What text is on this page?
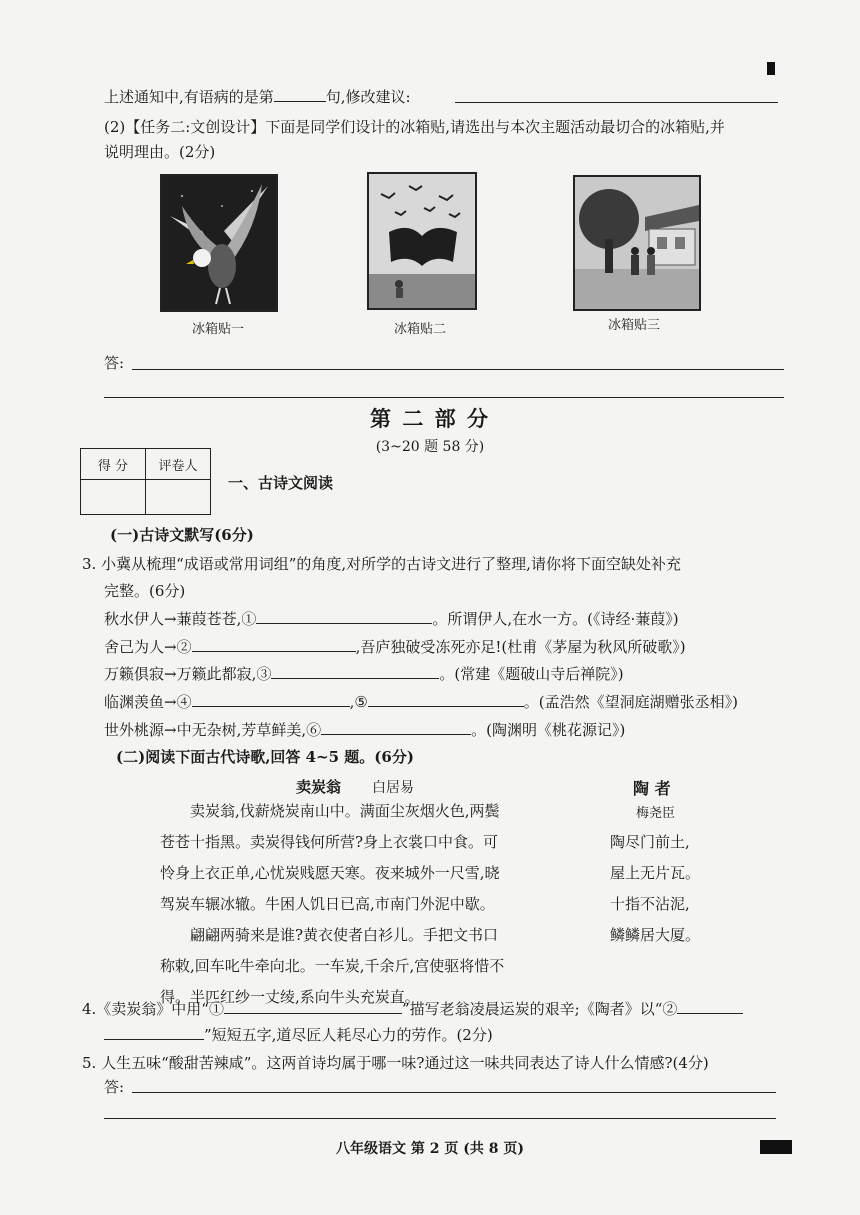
上述通知中,有语病的是第	句,修改建议:
(2)【任务二:文创设计】下面是同学们设计的冰箱贴,请选出与本次主题活动最切合的冰箱贴,并
说明理由。(2分)
冰箱贴一	冰箱贴二	冰箱贴三
答:
第 二 部 分
(3~20 题 58 分)
得 分	评卷人

一、古诗文阅读
(一)古诗文默写(6分)
3. 小冀从梳理“成语或常用词组”的角度,对所学的古诗文进行了整理,请你将下面空缺处补充
完整。(6分)
秋水伊人→蒹葭苍苍,①	。所谓伊人,在水一方。(《诗经·蒹葭》)
舍己为人→②	,吾庐独破受冻死亦足!(杜甫《茅屋为秋风所破歌》)
万籁俱寂→万籁此都寂,③	。(常建《题破山寺后禅院》)
临渊羡鱼→④	,⑤	。(孟浩然《望洞庭湖赠张丞相》)
世外桃源→中无杂树,芳草鲜美,⑥	。(陶渊明《桃花源记》)
(二)阅读下面古代诗歌,回答 4~5 题。(6分)
卖炭翁 白居易
卖炭翁,伐薪烧炭南山中。满面尘灰烟火色,两鬓
苍苍十指黑。卖炭得钱何所营?身上衣裳口中食。可
怜身上衣正单,心忧炭贱愿天寒。夜来城外一尺雪,晓
驾炭车辗冰辙。牛困人饥日已高,市南门外泥中歇。
翩翩两骑来是谁?黄衣使者白衫儿。手把文书口
称敕,回车叱牛牵向北。一车炭,千余斤,宫使驱将惜不
得。半匹红纱一丈绫,系向牛头充炭直。
陶 者
梅尧臣
陶尽门前土,
屋上无片瓦。
十指不沾泥,
鳞鳞居大厦。
4.《卖炭翁》中用“①	”描写老翁凌晨运炭的艰辛;《陶者》以“②
”短短五字,道尽匠人耗尽心力的劳作。(2分)
5. 人生五味“酸甜苦辣咸”。这两首诗均属于哪一味?通过这一味共同表达了诗人什么情感?(4分)
答:
八年级语文 第 2 页 (共 8 页)
